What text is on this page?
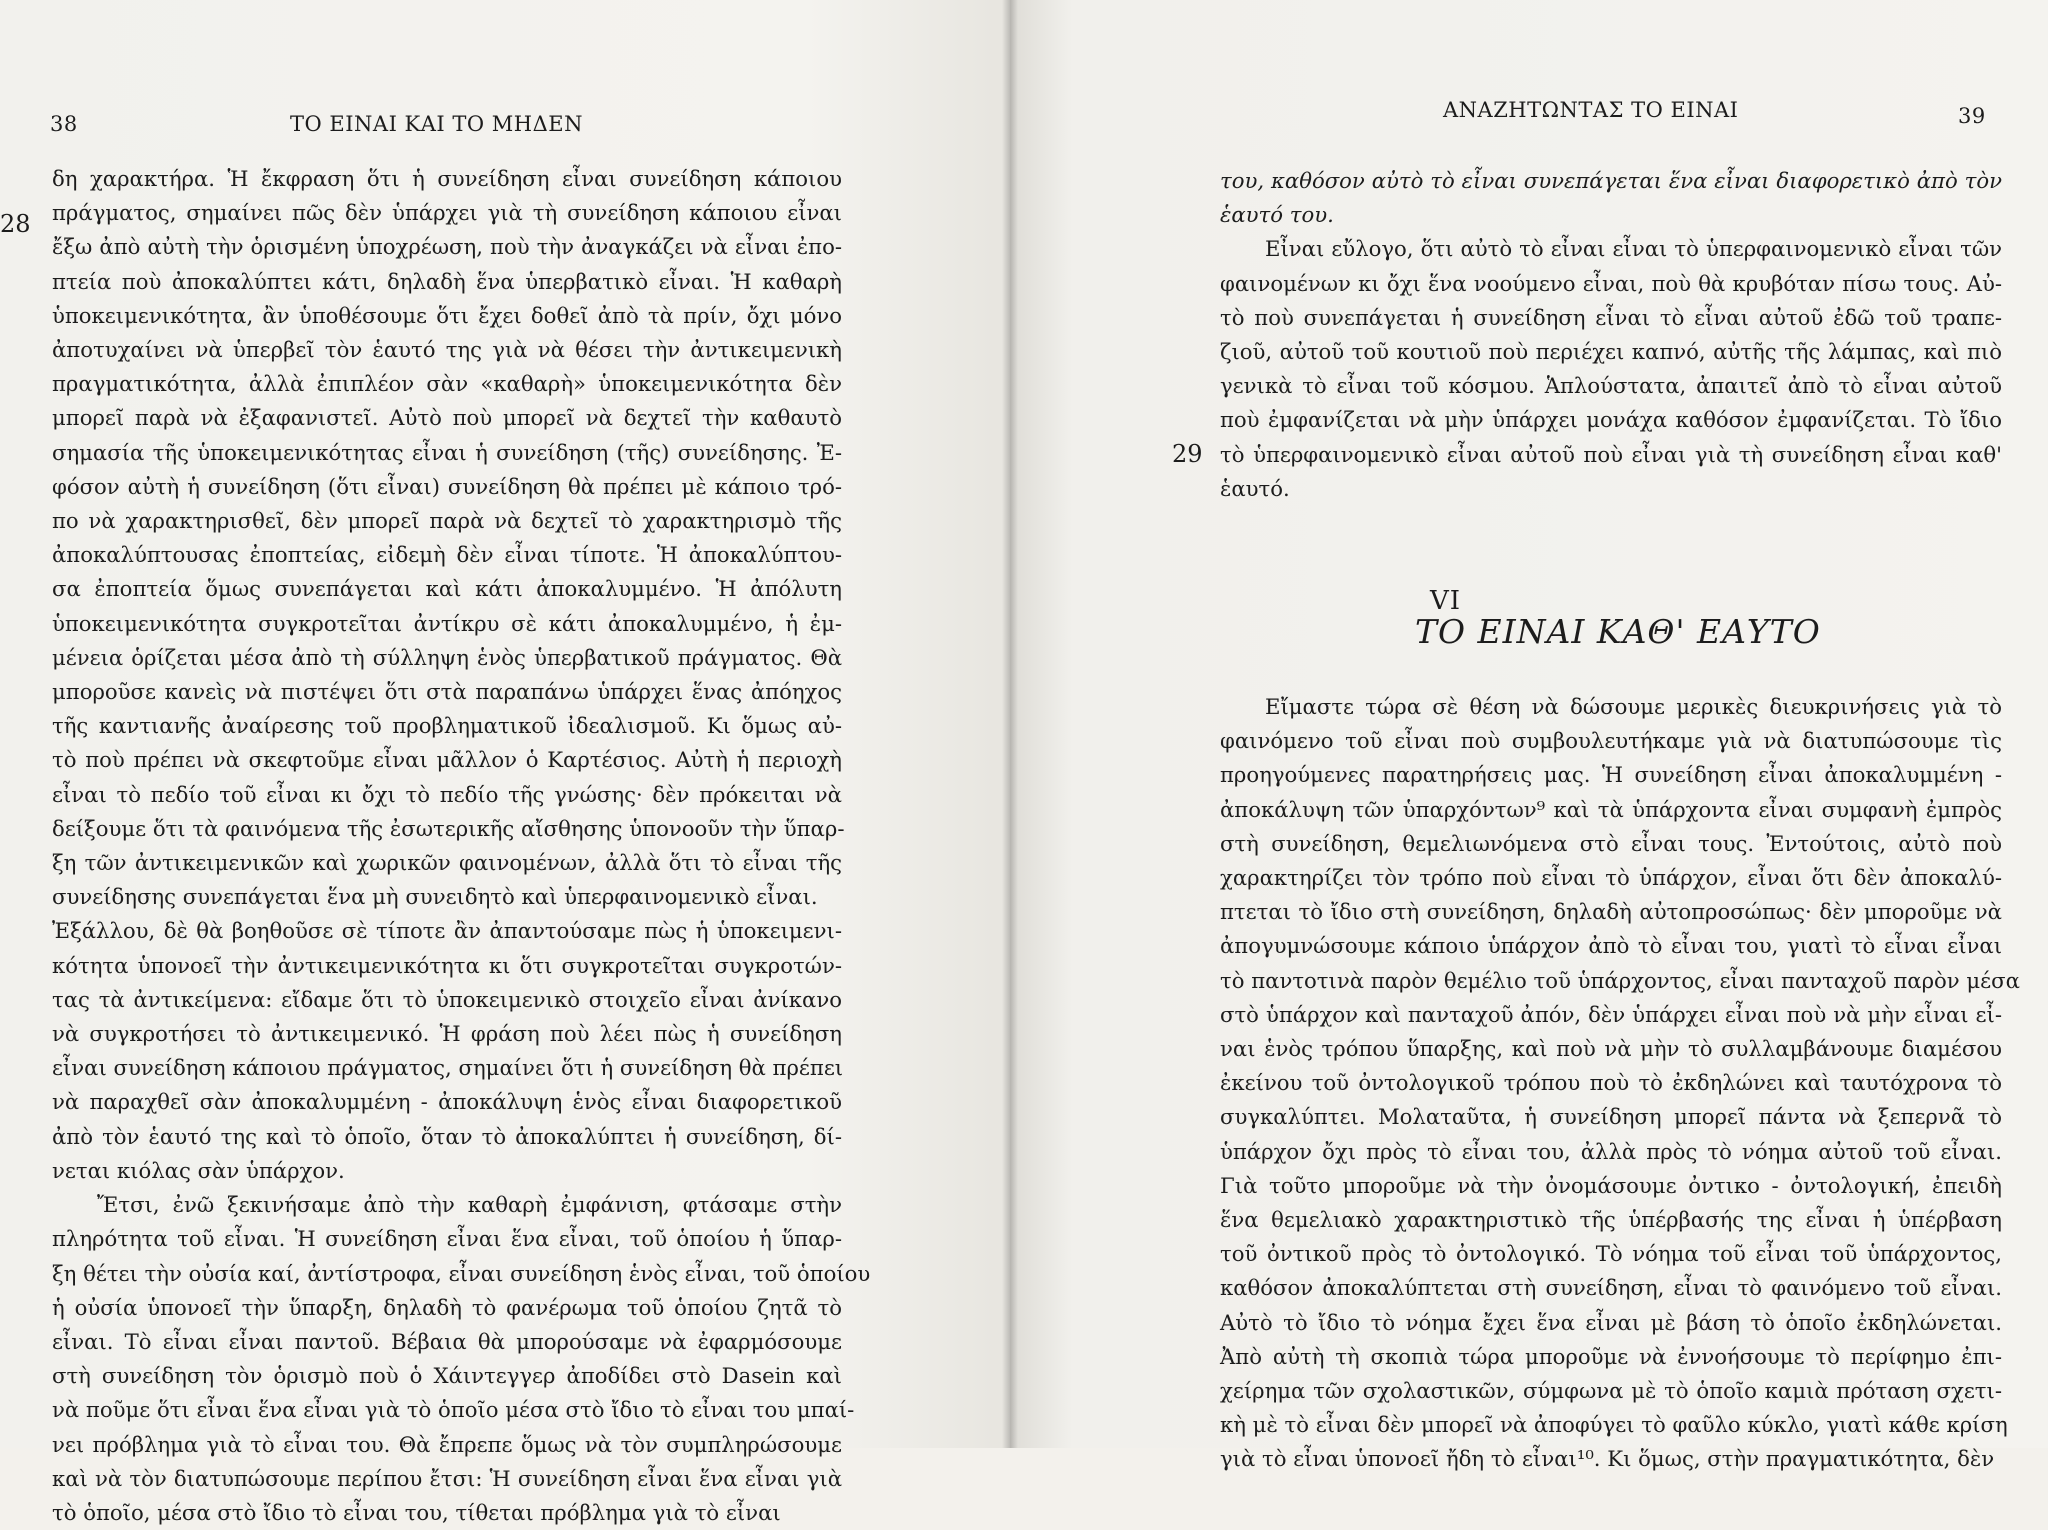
38	ΤΟ ΕΙΝΑΙ ΚΑΙ ΤΟ ΜΗΔΕΝ
28
δη χαρακτήρα. Ἡ ἔκφραση ὅτι ἡ συνείδηση εἶναι συνείδηση κάποιου
πράγματος, σημαίνει πῶς δὲν ὑπάρχει γιὰ τὴ συνείδηση κάποιου εἶναι
ἔξω ἀπὸ αὐτὴ τὴν ὁρισμένη ὑποχρέωση, ποὺ τὴν ἀναγκάζει νὰ εἶναι ἐπο-
πτεία ποὺ ἀποκαλύπτει κάτι, δηλαδὴ ἕνα ὑπερβατικὸ εἶναι. Ἡ καθαρὴ
ὑποκειμενικότητα, ἂν ὑποθέσουμε ὅτι ἔχει δοθεῖ ἀπὸ τὰ πρίν, ὄχι μόνο
ἀποτυχαίνει νὰ ὑπερβεῖ τὸν ἑαυτό της γιὰ νὰ θέσει τὴν ἀντικειμενικὴ
πραγματικότητα, ἀλλὰ ἐπιπλέον σὰν «καθαρὴ» ὑποκειμενικότητα δὲν
μπορεῖ παρὰ νὰ ἐξαφανιστεῖ. Αὐτὸ ποὺ μπορεῖ νὰ δεχτεῖ τὴν καθαυτὸ
σημασία τῆς ὑποκειμενικότητας εἶναι ἡ συνείδηση (τῆς) συνείδησης. Ἐ-
φόσον αὐτὴ ἡ συνείδηση (ὅτι εἶναι) συνείδηση θὰ πρέπει μὲ κάποιο τρό-
πο νὰ χαρακτηρισθεῖ, δὲν μπορεῖ παρὰ νὰ δεχτεῖ τὸ χαρακτηρισμὸ τῆς
ἀποκαλύπτουσας ἐποπτείας, εἰδεμὴ δὲν εἶναι τίποτε. Ἡ ἀποκαλύπτου-
σα ἐποπτεία ὅμως συνεπάγεται καὶ κάτι ἀποκαλυμμένο. Ἡ ἀπόλυτη
ὑποκειμενικότητα συγκροτεῖται ἀντίκρυ σὲ κάτι ἀποκαλυμμένο, ἡ ἐμ-
μένεια ὁρίζεται μέσα ἀπὸ τὴ σύλληψη ἑνὸς ὑπερβατικοῦ πράγματος. Θὰ
μποροῦσε κανεὶς νὰ πιστέψει ὅτι στὰ παραπάνω ὑπάρχει ἕνας ἀπόηχος
τῆς καντιανῆς ἀναίρεσης τοῦ προβληματικοῦ ἰδεαλισμοῦ. Κι ὅμως αὐ-
τὸ ποὺ πρέπει νὰ σκεφτοῦμε εἶναι μᾶλλον ὁ Καρτέσιος. Αὐτὴ ἡ περιοχὴ
εἶναι τὸ πεδίο τοῦ εἶναι κι ὄχι τὸ πεδίο τῆς γνώσης· δὲν πρόκειται νὰ
δείξουμε ὅτι τὰ φαινόμενα τῆς ἐσωτερικῆς αἴσθησης ὑπονοοῦν τὴν ὕπαρ-
ξη τῶν ἀντικειμενικῶν καὶ χωρικῶν φαινομένων, ἀλλὰ ὅτι τὸ εἶναι τῆς
συνείδησης συνεπάγεται ἕνα μὴ συνειδητὸ καὶ ὑπερφαινομενικὸ εἶναι.
Ἐξάλλου, δὲ θὰ βοηθοῦσε σὲ τίποτε ἂν ἀπαντούσαμε πὼς ἡ ὑποκειμενι-
κότητα ὑπονοεῖ τὴν ἀντικειμενικότητα κι ὅτι συγκροτεῖται συγκροτών-
τας τὰ ἀντικείμενα: εἴδαμε ὅτι τὸ ὑποκειμενικὸ στοιχεῖο εἶναι ἀνίκανο
νὰ συγκροτήσει τὸ ἀντικειμενικό. Ἡ φράση ποὺ λέει πὼς ἡ συνείδηση
εἶναι συνείδηση κάποιου πράγματος, σημαίνει ὅτι ἡ συνείδηση θὰ πρέπει
νὰ παραχθεῖ σὰν ἀποκαλυμμένη - ἀποκάλυψη ἑνὸς εἶναι διαφορετικοῦ
ἀπὸ τὸν ἑαυτό της καὶ τὸ ὁποῖο, ὅταν τὸ ἀποκαλύπτει ἡ συνείδηση, δί-
νεται κιόλας σὰν ὑπάρχον.
Ἔτσι, ἐνῶ ξεκινήσαμε ἀπὸ τὴν καθαρὴ ἐμφάνιση, φτάσαμε στὴν
πληρότητα τοῦ εἶναι. Ἡ συνείδηση εἶναι ἕνα εἶναι, τοῦ ὁποίου ἡ ὕπαρ-
ξη θέτει τὴν οὐσία καί, ἀντίστροφα, εἶναι συνείδηση ἑνὸς εἶναι, τοῦ ὁποίου
ἡ οὐσία ὑπονοεῖ τὴν ὕπαρξη, δηλαδὴ τὸ φανέρωμα τοῦ ὁποίου ζητᾶ τὸ
εἶναι. Τὸ εἶναι εἶναι παντοῦ. Βέβαια θὰ μπορούσαμε νὰ ἐφαρμόσουμε
στὴ συνείδηση τὸν ὁρισμὸ ποὺ ὁ Χάιντεγγερ ἀποδίδει στὸ Dasein καὶ
νὰ ποῦμε ὅτι εἶναι ἕνα εἶναι γιὰ τὸ ὁποῖο μέσα στὸ ἴδιο τὸ εἶναι του μπαί-
νει πρόβλημα γιὰ τὸ εἶναι του. Θὰ ἔπρεπε ὅμως νὰ τὸν συμπληρώσουμε
καὶ νὰ τὸν διατυπώσουμε περίπου ἔτσι: Ἡ συνείδηση εἶναι ἕνα εἶναι γιὰ
τὸ ὁποῖο, μέσα στὸ ἴδιο τὸ εἶναι του, τίθεται πρόβλημα γιὰ τὸ εἶναι
ΑΝΑΖΗΤΩΝΤΑΣ ΤΟ ΕΙΝΑΙ	39
29
του, καθόσον αὐτὸ τὸ εἶναι συνεπάγεται ἕνα εἶναι διαφορετικὸ ἀπὸ τὸν
ἑαυτό του.
Εἶναι εὔλογο, ὅτι αὐτὸ τὸ εἶναι εἶναι τὸ ὑπερφαινομενικὸ εἶναι τῶν
φαινομένων κι ὄχι ἕνα νοούμενο εἶναι, ποὺ θὰ κρυβόταν πίσω τους. Αὐ-
τὸ ποὺ συνεπάγεται ἡ συνείδηση εἶναι τὸ εἶναι αὐτοῦ ἐδῶ τοῦ τραπε-
ζιοῦ, αὐτοῦ τοῦ κουτιοῦ ποὺ περιέχει καπνό, αὐτῆς τῆς λάμπας, καὶ πιὸ
γενικὰ τὸ εἶναι τοῦ κόσμου. Ἁπλούστατα, ἀπαιτεῖ ἀπὸ τὸ εἶναι αὐτοῦ
ποὺ ἐμφανίζεται νὰ μὴν ὑπάρχει μονάχα καθόσον ἐμφανίζεται. Τὸ ἴδιο
τὸ ὑπερφαινομενικὸ εἶναι αὐτοῦ ποὺ εἶναι γιὰ τὴ συνείδηση εἶναι καθ'
ἑαυτό.
VI
ΤΟ ΕΙΝΑΙ ΚΑΘ' ΕΑΥΤΟ
Εἴμαστε τώρα σὲ θέση νὰ δώσουμε μερικὲς διευκρινήσεις γιὰ τὸ
φαινόμενο τοῦ εἶναι ποὺ συμβουλευτήκαμε γιὰ νὰ διατυπώσουμε τὶς
προηγούμενες παρατηρήσεις μας. Ἡ συνείδηση εἶναι ἀποκαλυμμένη -
ἀποκάλυψη τῶν ὑπαρχόντων⁹ καὶ τὰ ὑπάρχοντα εἶναι συμφανὴ ἐμπρὸς
στὴ συνείδηση, θεμελιωνόμενα στὸ εἶναι τους. Ἐντούτοις, αὐτὸ ποὺ
χαρακτηρίζει τὸν τρόπο ποὺ εἶναι τὸ ὑπάρχον, εἶναι ὅτι δὲν ἀποκαλύ-
πτεται τὸ ἴδιο στὴ συνείδηση, δηλαδὴ αὐτοπροσώπως· δὲν μποροῦμε νὰ
ἀπογυμνώσουμε κάποιο ὑπάρχον ἀπὸ τὸ εἶναι του, γιατὶ τὸ εἶναι εἶναι
τὸ παντοτινὰ παρὸν θεμέλιο τοῦ ὑπάρχοντος, εἶναι πανταχοῦ παρὸν μέσα
στὸ ὑπάρχον καὶ πανταχοῦ ἀπόν, δὲν ὑπάρχει εἶναι ποὺ νὰ μὴν εἶναι εἶ-
ναι ἑνὸς τρόπου ὕπαρξης, καὶ ποὺ νὰ μὴν τὸ συλλαμβάνουμε διαμέσου
ἐκείνου τοῦ ὀντολογικοῦ τρόπου ποὺ τὸ ἐκδηλώνει καὶ ταυτόχρονα τὸ
συγκαλύπτει. Μολαταῦτα, ἡ συνείδηση μπορεῖ πάντα νὰ ξεπερνᾶ τὸ
ὑπάρχον ὄχι πρὸς τὸ εἶναι του, ἀλλὰ πρὸς τὸ νόημα αὐτοῦ τοῦ εἶναι.
Γιὰ τοῦτο μποροῦμε νὰ τὴν ὀνομάσουμε ὀντικο - ὀντολογική, ἐπειδὴ
ἕνα θεμελιακὸ χαρακτηριστικὸ τῆς ὑπέρβασής της εἶναι ἡ ὑπέρβαση
τοῦ ὀντικοῦ πρὸς τὸ ὀντολογικό. Τὸ νόημα τοῦ εἶναι τοῦ ὑπάρχοντος,
καθόσον ἀποκαλύπτεται στὴ συνείδηση, εἶναι τὸ φαινόμενο τοῦ εἶναι.
Αὐτὸ τὸ ἴδιο τὸ νόημα ἔχει ἕνα εἶναι μὲ βάση τὸ ὁποῖο ἐκδηλώνεται.
Ἀπὸ αὐτὴ τὴ σκοπιὰ τώρα μποροῦμε νὰ ἐννοήσουμε τὸ περίφημο ἐπι-
χείρημα τῶν σχολαστικῶν, σύμφωνα μὲ τὸ ὁποῖο καμιὰ πρόταση σχετι-
κὴ μὲ τὸ εἶναι δὲν μπορεῖ νὰ ἀποφύγει τὸ φαῦλο κύκλο, γιατὶ κάθε κρίση
γιὰ τὸ εἶναι ὑπονοεῖ ἤδη τὸ εἶναι¹⁰. Κι ὅμως, στὴν πραγματικότητα, δὲν
